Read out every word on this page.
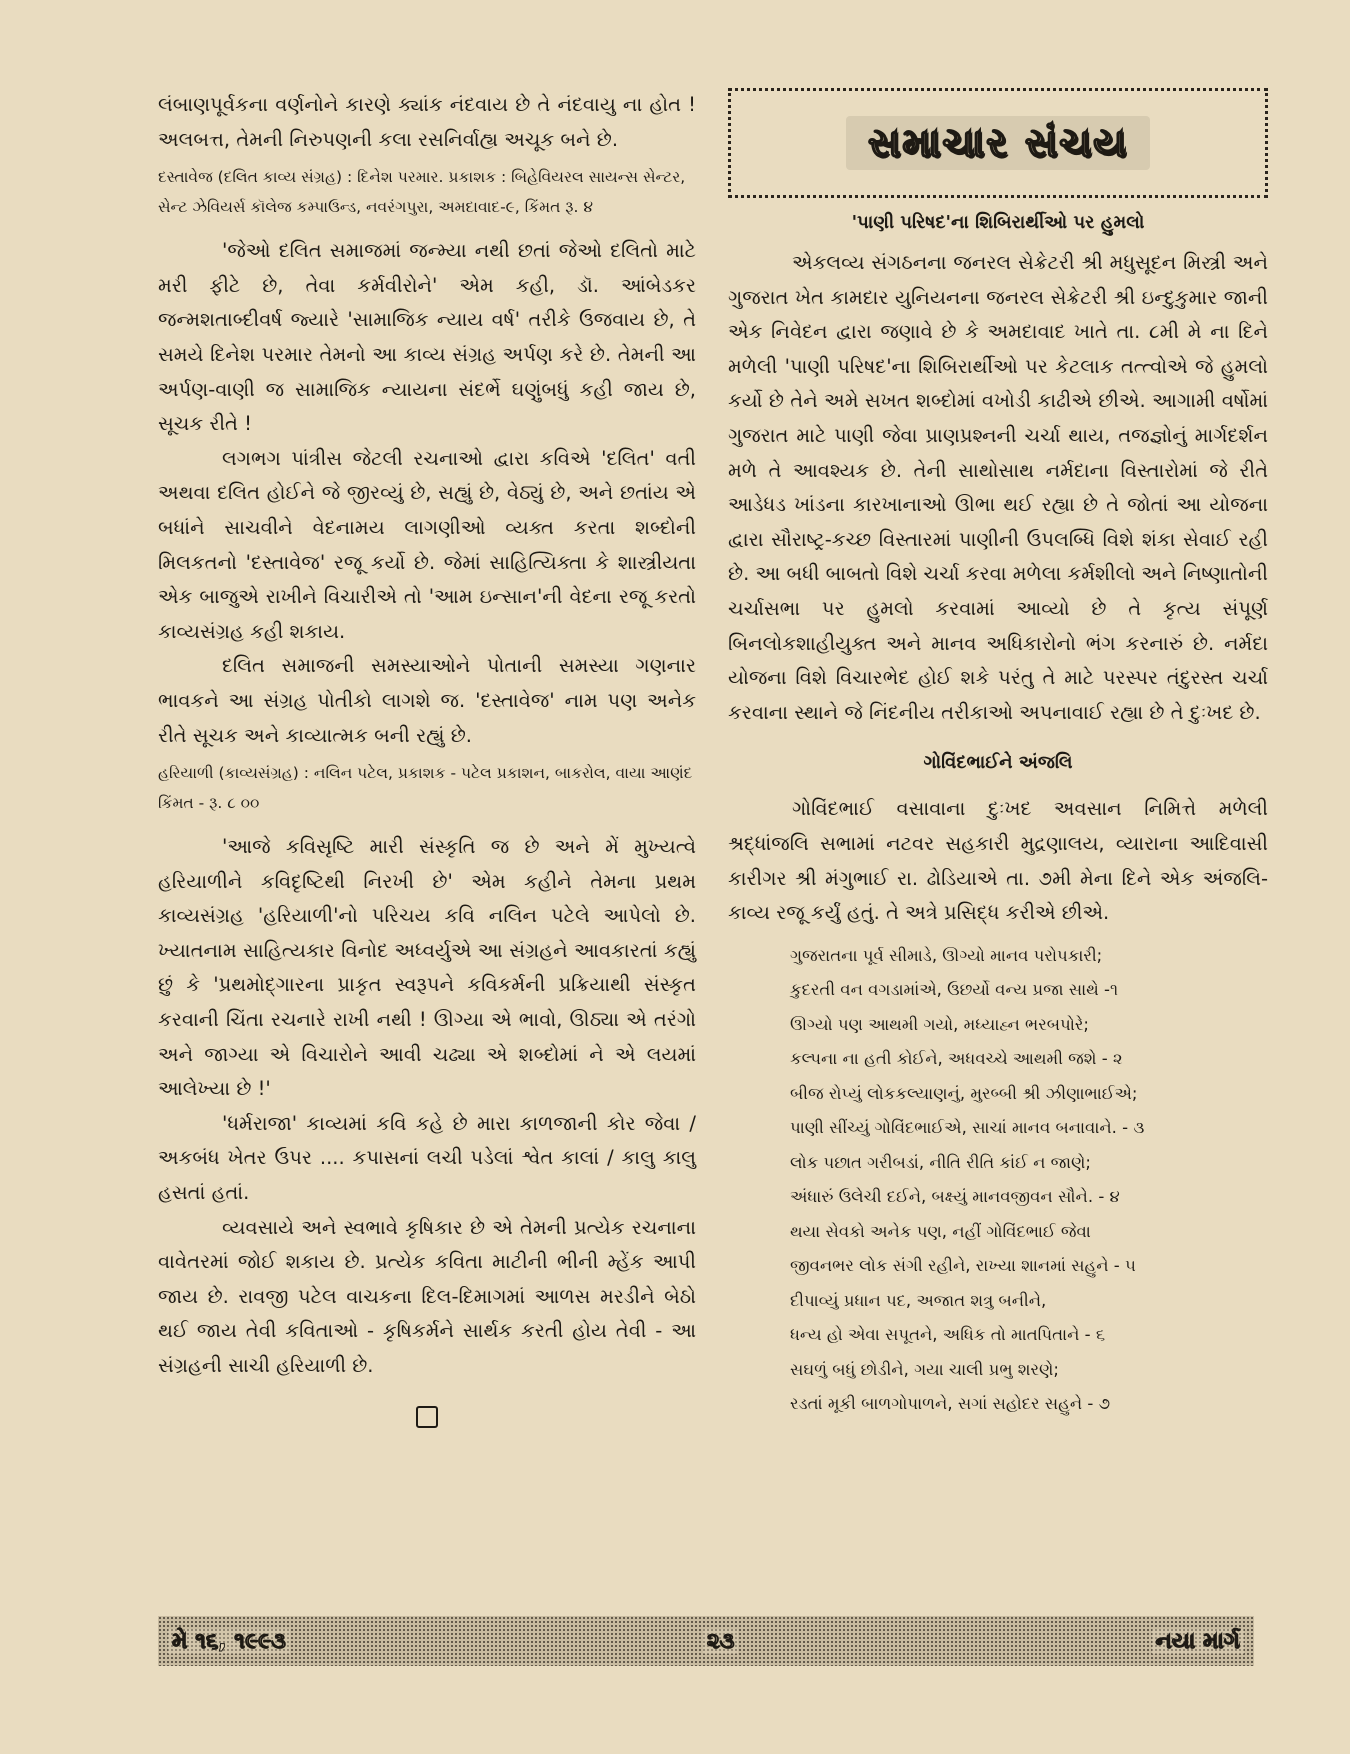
લંબાણપૂર્વકના વર્ણનોને કારણે ક્યાંક નંદવાય છે તે નંદવાયુ ના હોત ! અલબત્ત, તેમની નિરુપણની કલા રસનિર્વાહ્ય અચૂક બને છે.

દસ્તાવેજ (દલિત કાવ્ય સંગ્રહ) : દિનેશ પરમાર. પ્રકાશક : બિહેવિયરલ સાયન્સ સેન્ટર, સેન્ટ ઝેવિયર્સ કૉલેજ કમ્પાઉન્ડ, નવરંગપુરા, અમદાવાદ-૯, કિંમત રૂ. ૪

'જેઓ દલિત સમાજમાં જન્મ્યા નથી છતાં જેઓ દલિતો માટે મરી ફીટે છે, તેવા કર્મવીરોને' એમ કહી, ડૉ. આંબેડકર જન્મશતાબ્દીવર્ષ જ્યારે 'સામાજિક ન્યાય વર્ષ' તરીકે ઉજવાય છે, તે સમયે દિનેશ પરમાર તેમનો આ કાવ્ય સંગ્રહ અર્પણ કરે છે. તેમની આ અર્પણ-વાણી જ સામાજિક ન્યાયના સંદર્ભે ઘણુંબધું કહી જાય છે, સૂચક રીતે !

લગભગ પાંત્રીસ જેટલી રચનાઓ દ્વારા કવિએ 'દલિત' વતી અથવા દલિત હોઈને જે જીરવ્યું છે, સહ્યું છે, વેઠ્યું છે, અને છતાંય એ બધાંને સાચવીને વેદનામય લાગણીઓ વ્યક્ત કરતા શબ્દોની મિલકતનો 'દસ્તાવેજ' રજૂ કર્યો છે. જેમાં સાહિત્યિક્તા કે શાસ્ત્રીયતા એક બાજુએ રાખીને વિચારીએ તો 'આમ ઇન્સાન'ની વેદના રજૂ કરતો કાવ્યસંગ્રહ કહી શકાય.

દલિત સમાજની સમસ્યાઓને પોતાની સમસ્યા ગણનાર ભાવકને આ સંગ્રહ પોતીકો લાગશે જ. 'દસ્તાવેજ' નામ પણ અનેક રીતે સૂચક અને કાવ્યાત્મક બની રહ્યું છે.

હરિયાળી (કાવ્યસંગ્રહ) : નલિન પટેલ, પ્રકાશક - પટેલ પ્રકાશન, બાકરોલ, વાયા આણંદ કિંમત - રૂ. ૮ ૦૦

'આજે કવિસૃષ્ટિ મારી સંસ્કૃતિ જ છે અને મેં મુખ્યત્વે હરિયાળીને કવિદૃષ્ટિથી નિરખી છે' એમ કહીને તેમના પ્રથમ કાવ્યસંગ્રહ 'હરિયાળી'નો પરિચય કવિ નલિન પટેલે આપેલો છે. ખ્યાતનામ સાહિત્યકાર વિનોદ અધ્વર્યુએ આ સંગ્રહને આવકારતાં કહ્યું છું કે 'પ્રથમોદ્ગારના પ્રાકૃત સ્વરૂપને કવિકર્મની પ્રક્રિયાથી સંસ્કૃત કરવાની ચિંતા રચનારે રાખી નથી ! ઊગ્યા એ ભાવો, ઊઠ્યા એ તરંગો અને જાગ્યા એ વિચારોને આવી ચઢ્યા એ શબ્દોમાં ને એ લયમાં આલેખ્યા છે !'

'ધર્મરાજા' કાવ્યમાં કવિ કહે છે મારા કાળજાની કોર જેવા / અકબંધ ખેતર ઉપર .... કપાસનાં લચી પડેલાં શ્વેત કાલાં / કાલુ કાલુ હસતાં હતાં.

વ્યવસાયે અને સ્વભાવે કૃષિકાર છે એ તેમની પ્રત્યેક રચનાના વાવેતરમાં જોઈ શકાય છે. પ્રત્યેક કવિતા માટીની ભીની મ્હેંક આપી જાય છે. રાવજી પટેલ વાચકના દિલ-દિમાગમાં આળસ મરડીને બેઠો થઈ જાય તેવી કવિતાઓ - કૃષિકર્મને સાર્થક કરતી હોય તેવી - આ સંગ્રહની સાચી હરિયાળી છે.

સમાચાર સંચય
'પાણી પરિષદ'ના શિબિરાર્થીઓ પર હુમલો

એકલવ્ય સંગઠનના જનરલ સેક્રેટરી શ્રી મધુસૂદન મિસ્ત્રી અને ગુજરાત ખેત કામદાર યુનિયનના જનરલ સેક્રેટરી શ્રી ઇન્દુકુમાર જાની એક નિવેદન દ્વારા જણાવે છે કે અમદાવાદ ખાતે તા. ૮મી મે ના દિને મળેલી 'પાણી પરિષદ'ના શિબિરાર્થીઓ પર કેટલાક તત્ત્વોએ જે હુમલો કર્યો છે તેને અમે સખત શબ્દોમાં વખોડી કાઢીએ છીએ. આગામી વર્ષોમાં ગુજરાત માટે પાણી જેવા પ્રાણપ્રશ્નની ચર્ચા થાય, તજજ્ઞોનું માર્ગદર્શન મળે તે આવશ્યક છે. તેની સાથોસાથ નર્મદાના વિસ્તારોમાં જે રીતે આડેધડ ખાંડના કારખાનાઓ ઊભા થઈ રહ્યા છે તે જોતાં આ યોજના દ્વારા સૌરાષ્ટ્ર-કચ્છ વિસ્તારમાં પાણીની ઉપલબ્ધિ વિશે શંકા સેવાઈ રહી છે. આ બધી બાબતો વિશે ચર્ચા કરવા મળેલા કર્મશીલો અને નિષ્ણાતોની ચર્ચાસભા પર હુમલો કરવામાં આવ્યો છે તે કૃત્ય સંપૂર્ણ બિનલોકશાહીયુક્ત અને માનવ અધિકારોનો ભંગ કરનારું છે. નર્મદા યોજના વિશે વિચારભેદ હોઈ શકે પરંતુ તે માટે પરસ્પર તંદુરસ્ત ચર્ચા કરવાના સ્થાને જે નિંદનીય તરીકાઓ અપનાવાઈ રહ્યા છે તે દુઃખદ છે.

ગોવિંદભાઈને અંજલિ

ગોવિંદભાઈ વસાવાના દુઃખદ અવસાન નિમિત્તે મળેલી શ્રદ્ધાંજલિ સભામાં નટવર સહકારી મુદ્રણાલય, વ્યારાના આદિવાસી કારીગર શ્રી મંગુભાઈ રા. ઢોડિયાએ તા. ૭મી મેના દિને એક અંજલિ-કાવ્ય રજૂ કર્યું હતું. તે અત્રે પ્રસિદ્ધ કરીએ છીએ.

ગુજરાતના પૂર્વ સીમાડે, ઊગ્યો માનવ પરોપકારી;
કુદરતી વન વગડામાંએ, ઉછર્યો વન્ય પ્રજા સાથે -૧
ઊગ્યો પણ આથમી ગયો, મધ્યાહ્ન ભરબપોરે;
કલ્પના ના હતી કોઈને, અધવચ્ચે આથમી જશે - ૨
બીજ રોપ્યું લોકકલ્યાણનું, મુરબ્બી શ્રી ઝીણાભાઈએ;
પાણી સીંચ્યું ગોવિંદભાઈએ, સાચાં માનવ બનાવાને. - ૩
લોક પછાત ગરીબડાં, નીતિ રીતિ કાંઈ ન જાણે;
અંધારું ઉલેચી દઈને, બક્ષ્યું માનવજીવન સૌને. - ૪
થયા સેવકો અનેક પણ, નહીં ગોવિંદભાઈ જેવા
જીવનભર લોક સંગી રહીને, રાખ્યા શાનમાં સહુને - ૫
દીપાવ્યું પ્રધાન પદ, અજાત શત્રુ બનીને,
ધન્ય હો એવા સપૂતને, અધિક તો માતપિતાને - ૬
સઘળું બધું છોડીને, ગયા ચાલી પ્રભુ શરણે;
રડતાં મૂકી બાળગોપાળને, સગાં સહોદર સહુને - ૭
મે ૧૬, ૧૯૯૩	૨૩	નયા માર્ગ
